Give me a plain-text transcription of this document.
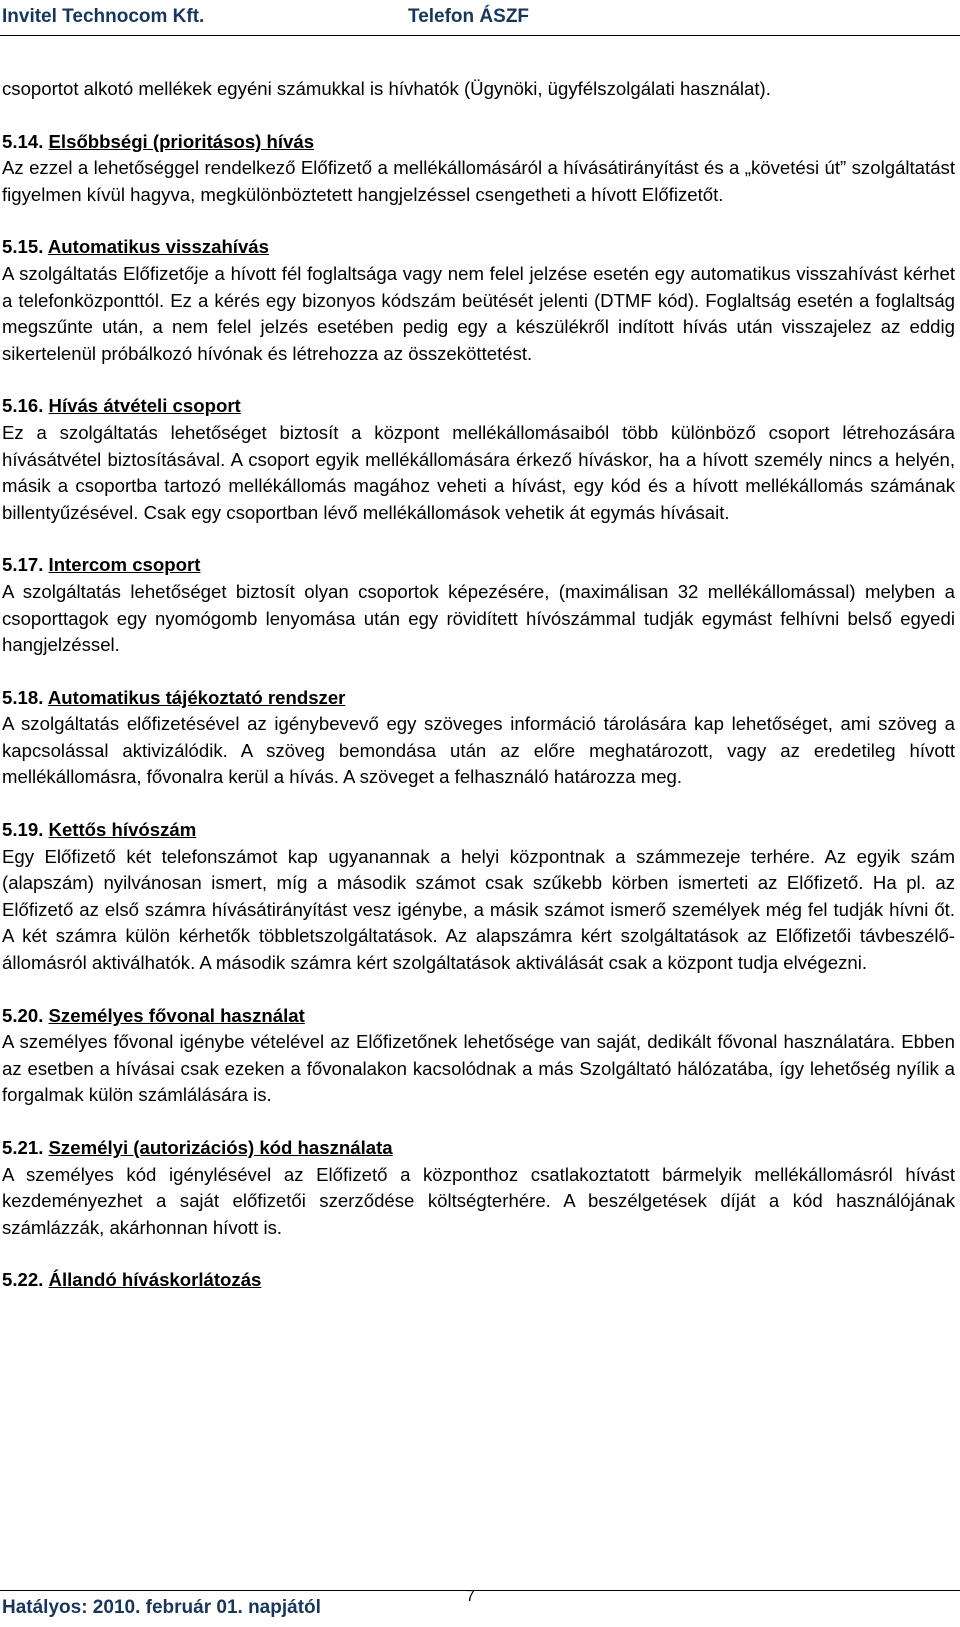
Invitel Technocom Kft.	Telefon ÁSZF

csoportot alkotó mellékek egyéni számukkal is hívhatók (Ügynöki, ügyfélszolgálati használat).

5.14. Elsőbbségi (prioritásos) hívás

Az ezzel a lehetőséggel rendelkező Előfizető a mellékállomásáról a hívásátirányítást és a „követési út” szolgáltatást figyelmen kívül hagyva, megkülönböztetett hangjelzéssel csengetheti a hívott Előfizetőt.

5.15. Automatikus visszahívás

A szolgáltatás Előfizetője a hívott fél foglaltsága vagy nem felel jelzése esetén egy automatikus visszahívást kérhet a telefonközponttól. Ez a kérés egy bizonyos kódszám beütését jelenti (DTMF kód). Foglaltság esetén a foglaltság megszűnte után, a nem felel jelzés esetében pedig egy a készülékről indított hívás után visszajelez az eddig sikertelenül próbálkozó hívónak és létrehozza az összeköttetést.

5.16. Hívás átvételi csoport

Ez a szolgáltatás lehetőséget biztosít a központ mellékállomásaiból több különböző csoport létrehozására hívásátvétel biztosításával. A csoport egyik mellékállomására érkező híváskor, ha a hívott személy nincs a helyén, másik a csoportba tartozó mellékállomás magához veheti a hívást, egy kód és a hívott mellékállomás számának billentyűzésével. Csak egy csoportban lévő mellékállomások vehetik át egymás hívásait.

5.17. Intercom csoport

A szolgáltatás lehetőséget biztosít olyan csoportok képezésére, (maximálisan 32 mellékállomással) melyben a csoporttagok egy nyomógomb lenyomása után egy rövidített hívószámmal tudják egymást felhívni belső egyedi hangjelzéssel.

5.18. Automatikus tájékoztató rendszer

A szolgáltatás előfizetésével az igénybevevő egy szöveges információ tárolására kap lehetőséget, ami szöveg a kapcsolással aktivizálódik. A szöveg bemondása után az előre meghatározott, vagy az eredetileg hívott mellékállomásra, fővonalra kerül a hívás. A szöveget a felhasználó határozza meg.

5.19. Kettős hívószám

Egy Előfizető két telefonszámot kap ugyanannak a helyi központnak a számmezeje terhére. Az egyik szám (alapszám) nyilvánosan ismert, míg a második számot csak szűkebb körben ismerteti az Előfizető. Ha pl. az Előfizető az első számra hívásátirányítást vesz igénybe, a másik számot ismerő személyek még fel tudják hívni őt. A két számra külön kérhetők többletszolgáltatások. Az alapszámra kért szolgáltatások az Előfizetői távbeszélő-állomásról aktiválhatók. A második számra kért szolgáltatások aktiválását csak a központ tudja elvégezni.

5.20. Személyes fővonal használat

A személyes fővonal igénybe vételével az Előfizetőnek lehetősége van saját, dedikált fővonal használatára. Ebben az esetben a hívásai csak ezeken a fővonalakon kacsolódnak a más Szolgáltató hálózatába, így lehetőség nyílik a forgalmak külön számlálására is.

5.21. Személyi (autorizációs) kód használata

A személyes kód igénylésével az Előfizető a központhoz csatlakoztatott bármelyik mellékállomásról hívást kezdeményezhet a saját előfizetői szerződése költségterhére. A beszélgetések díját a kód használójának számlázzák, akárhonnan hívott is.

5.22. Állandó híváskorlátozás

Hatályos: 2010. február 01. napjától
7
